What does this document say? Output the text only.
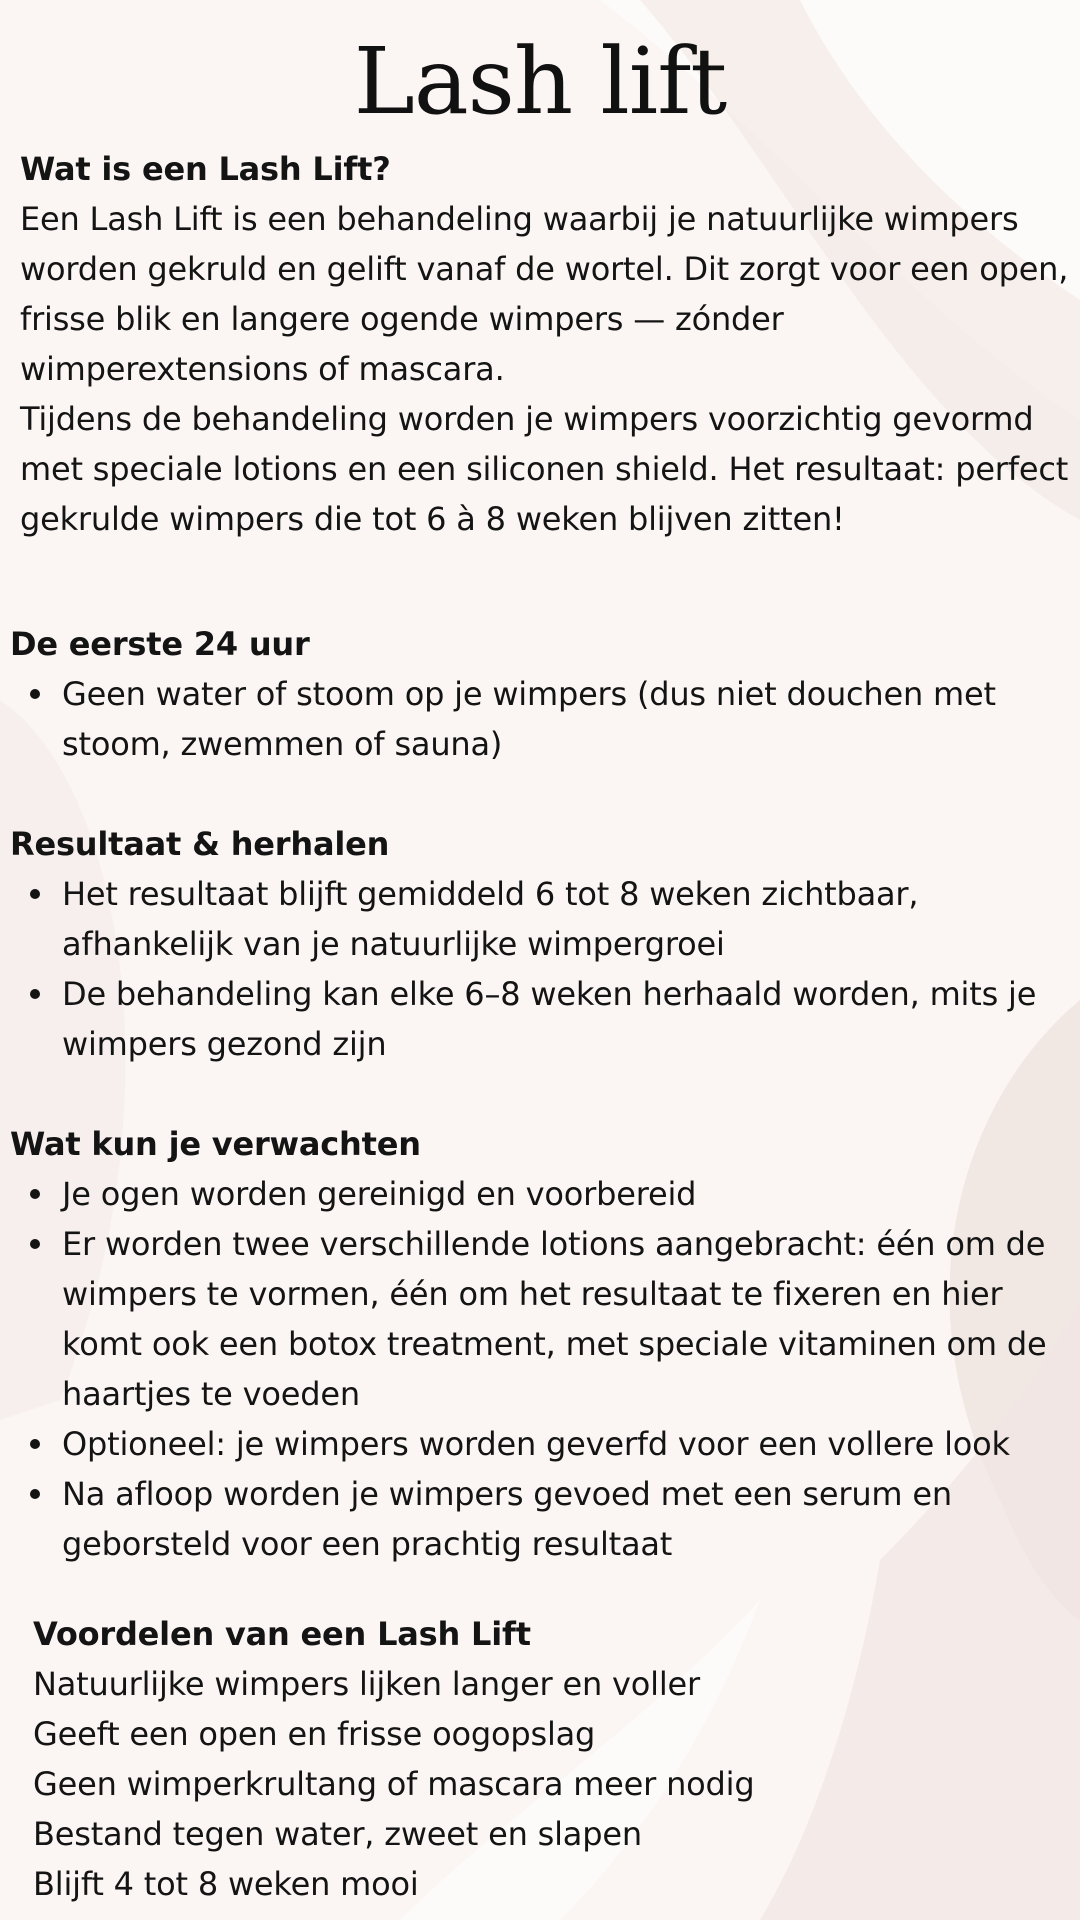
Lash lift

Wat is een Lash Lift?

Een Lash Lift is een behandeling waarbij je natuurlijke wimpers worden gekruld en gelift vanaf de wortel. Dit zorgt voor een open, frisse blik en langere ogende wimpers — zónder wimperextensions of mascara.

Tijdens de behandeling worden je wimpers voorzichtig gevormd met speciale lotions en een siliconen shield. Het resultaat: perfect gekrulde wimpers die tot 6 à 8 weken blijven zitten!

De eerste 24 uur

Geen water of stoom op je wimpers (dus niet douchen met stoom, zwemmen of sauna)

Resultaat & herhalen

Het resultaat blijft gemiddeld 6 tot 8 weken zichtbaar, afhankelijk van je natuurlijke wimpergroei
De behandeling kan elke 6–8 weken herhaald worden, mits je wimpers gezond zijn

Wat kun je verwachten

Je ogen worden gereinigd en voorbereid
Er worden twee verschillende lotions aangebracht: één om de wimpers te vormen, één om het resultaat te fixeren en hier komt ook een botox treatment, met speciale vitaminen om de haartjes te voeden
Optioneel: je wimpers worden geverfd voor een vollere look
Na afloop worden je wimpers gevoed met een serum en geborsteld voor een prachtig resultaat

Voordelen van een Lash Lift

Natuurlijke wimpers lijken langer en voller
Geeft een open en frisse oogopslag
Geen wimperkrultang of mascara meer nodig
Bestand tegen water, zweet en slapen
Blijft 4 tot 8 weken mooi
